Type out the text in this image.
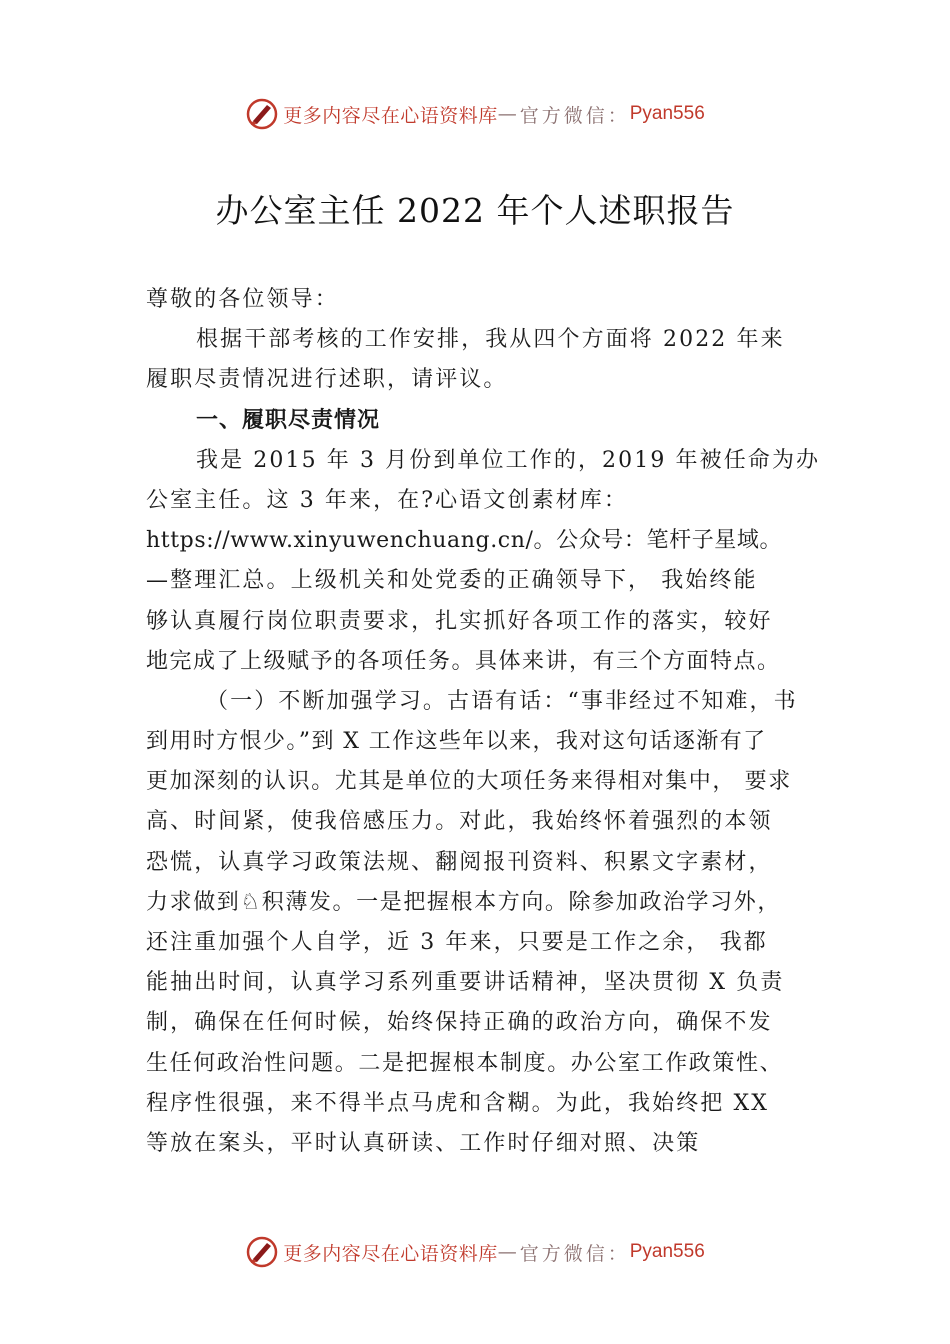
更多内容尽在心语资料库 — 官方微信： Pyan556
办公室主任 2022 年个人述职报告
尊敬的各位领导：
根据干部考核的工作安排，我从四个方面将 2022 年来
履职尽责情况进行述职，请评议。
一、履职尽责情况
我是 2015 年 3 月份到单位工作的，2019 年被任命为办
公室主任。这 3 年来，在?心语文创素材库：
https://www.xinyuwenchuang.cn/。公众号：笔杆子星域。
—整理汇总。上级机关和处党委的正确领导下， 我始终能
够认真履行岗位职责要求，扎实抓好各项工作的落实，较好
地完成了上级赋予的各项任务。具体来讲，有三个方面特点。
（一）不断加强学习。古语有话：“事非经过不知难，书
到用时方恨少。”到 X 工作这些年以来，我对这句话逐渐有了
更加深刻的认识。尤其是单位的大项任务来得相对集中， 要求
高、时间紧，使我倍感压力。对此，我始终怀着强烈的本领
恐慌，认真学习政策法规、翻阅报刊资料、积累文字素材，
力求做到♘积薄发。一是把握根本方向。除参加政治学习外，
还注重加强个人自学，近 3 年来，只要是工作之余， 我都
能抽出时间，认真学习系列重要讲话精神，坚决贯彻 X 负责
制，确保在任何时候，始终保持正确的政治方向，确保不发
生任何政治性问题。二是把握根本制度。办公室工作政策性、
程序性很强，来不得半点马虎和含糊。为此，我始终把 XX
等放在案头，平时认真研读、工作时仔细对照、决策
更多内容尽在心语资料库 — 官方微信： Pyan556
